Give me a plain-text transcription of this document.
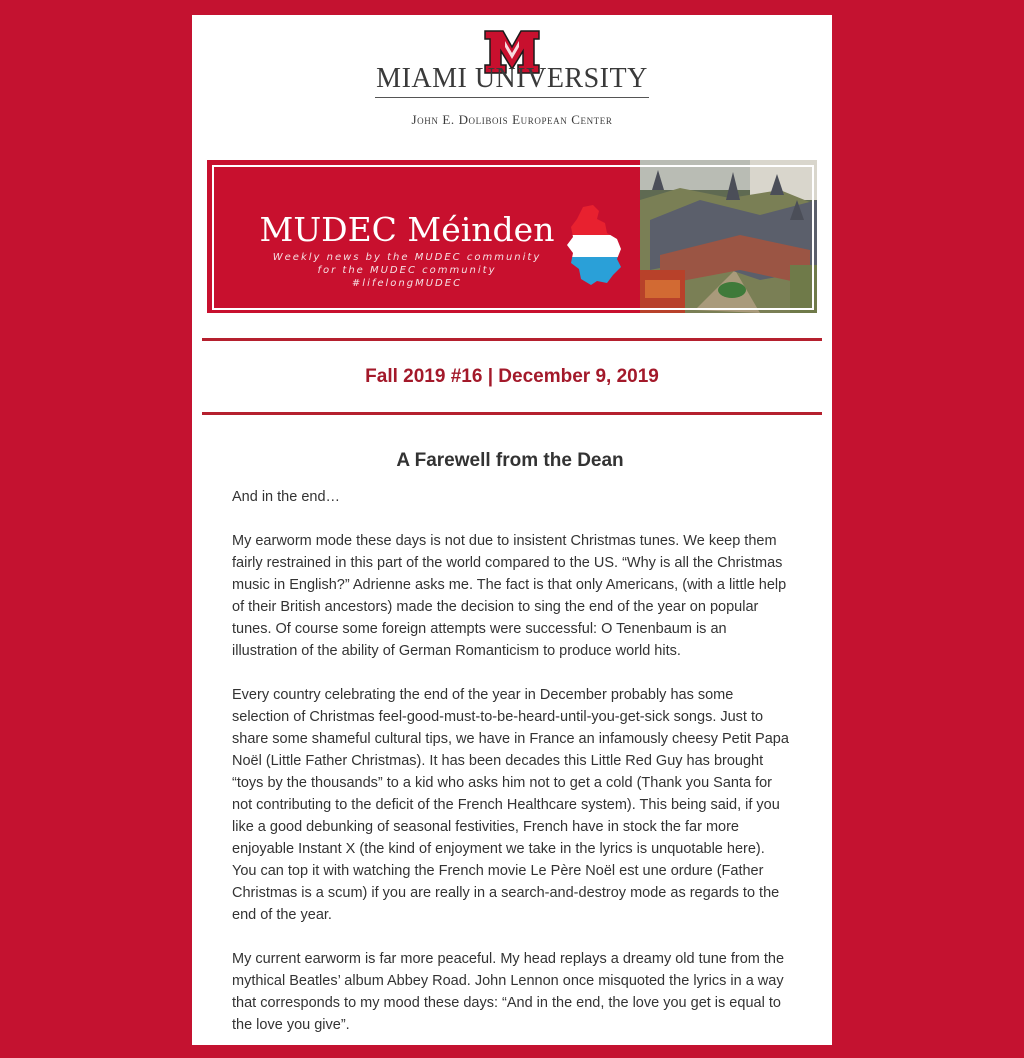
MIAMI UNIVERSITY
John E. Dolibois European Center
MUDEC Méinden
Weekly news by the MUDEC community
for the MUDEC community
#lifelongMUDEC
Fall 2019 #16 | December 9, 2019
A Farewell from the Dean

And in the end…

My earworm mode these days is not due to insistent Christmas tunes. We keep them fairly restrained in this part of the world compared to the US. “Why is all the Christmas music in English?” Adrienne asks me. The fact is that only Americans, (with a little help of their British ancestors) made the decision to sing the end of the year on popular tunes. Of course some foreign attempts were successful: O Tenenbaum is an illustration of the ability of German Romanticism to produce world hits.

Every country celebrating the end of the year in December probably has some selection of Christmas feel-good-must-to-be-heard-until-you-get-sick songs. Just to share some shameful cultural tips, we have in France an infamously cheesy Petit Papa Noël (Little Father Christmas). It has been decades this Little Red Guy has brought “toys by the thousands” to a kid who asks him not to get a cold (Thank you Santa for not contributing to the deficit of the French Healthcare system). This being said, if you like a good debunking of seasonal festivities, French have in stock the far more enjoyable Instant X (the kind of enjoyment we take in the lyrics is unquotable here). You can top it with watching the French movie Le Père Noël est une ordure (Father Christmas is a scum) if you are really in a search-and-destroy mode as regards to the end of the year.

My current earworm is far more peaceful. My head replays a dreamy old tune from the mythical Beatles’ album Abbey Road. John Lennon once misquoted the lyrics in a way that corresponds to my mood these days: “And in the end, the love you get is equal to the love you give”.
